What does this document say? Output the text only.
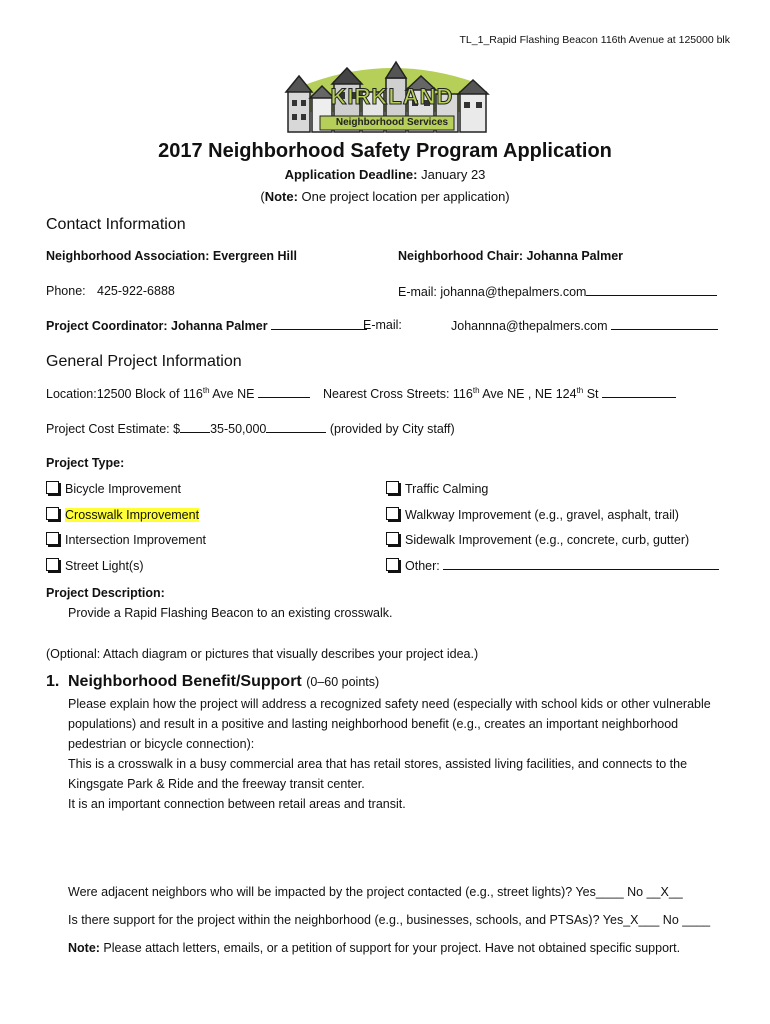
TL_1_Rapid Flashing Beacon 116th Avenue at 125000 blk
KIRKLAND
Neighborhood Services
2017 Neighborhood Safety Program Application
Application Deadline: January 23
(Note: One project location per application)
Contact Information
Neighborhood Association: Evergreen Hill	Neighborhood Chair: Johanna Palmer
Phone: 425-922-6888	E-mail: johanna@thepalmers.com
Project Coordinator: Johanna Palmer	E-mail:	Johannna@thepalmers.com
General Project Information
Location:12500 Block of 116th Ave NE	Nearest Cross Streets: 116th Ave NE , NE 124th St
Project Cost Estimate: $ 35-50,000	(provided by City staff)
Project Type:
Bicycle Improvement
Crosswalk Improvement
Intersection Improvement
Street Light(s)
Traffic Calming
Walkway Improvement (e.g., gravel, asphalt, trail)
Sidewalk Improvement (e.g., concrete, curb, gutter)
Other:
Project Description:
Provide a Rapid Flashing Beacon to an existing crosswalk.
(Optional: Attach diagram or pictures that visually describes your project idea.)
1. Neighborhood Benefit/Support (0–60 points)
Please explain how the project will address a recognized safety need (especially with school kids or other vulnerable
populations) and result in a positive and lasting neighborhood benefit (e.g., creates an important neighborhood
pedestrian or bicycle connection):
This is a crosswalk in a busy commercial area that has retail stores, assisted living facilities, and connects to the
Kingsgate Park & Ride and the freeway transit center.
It is an important connection between retail areas and transit.
Were adjacent neighbors who will be impacted by the project contacted (e.g., street lights)? Yes____ No __X__
Is there support for the project within the neighborhood (e.g., businesses, schools, and PTSAs)? Yes_X___ No ____
Note: Please attach letters, emails, or a petition of support for your project. Have not obtained specific support.
